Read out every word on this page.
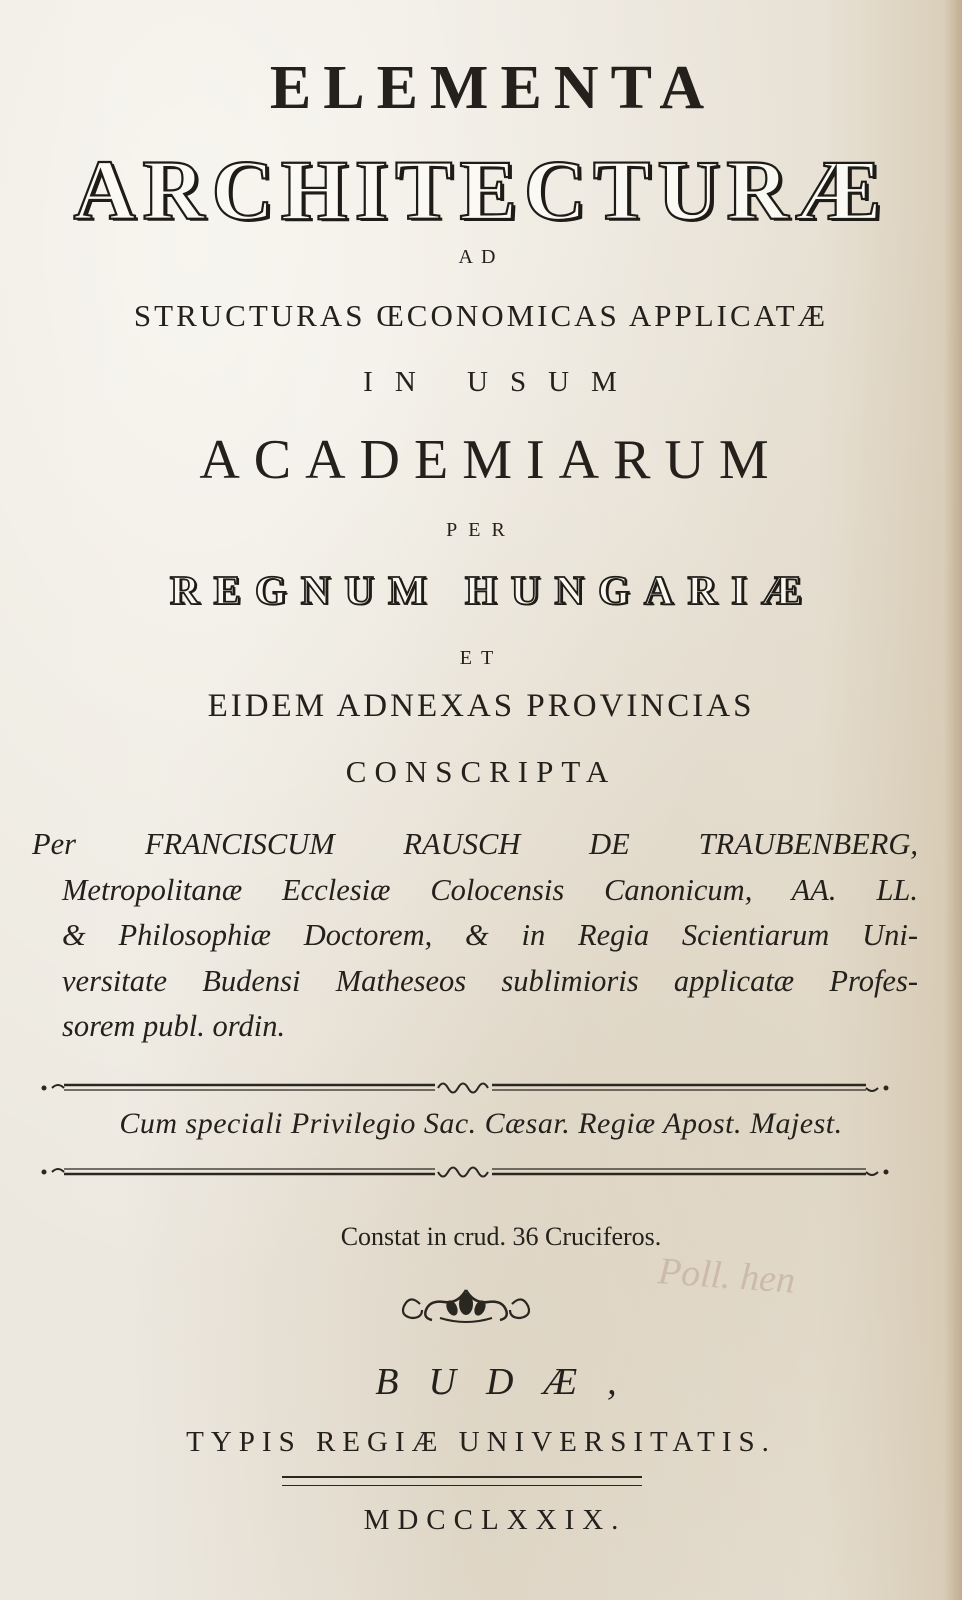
ELEMENTA
ARCHITECTURÆ
AD
STRUCTURAS ŒCONOMICAS APPLICATÆ
IN USUM
ACADEMIARUM
PER
REGNUM HUNGARIÆ
ET
EIDEM ADNEXAS PROVINCIAS
CONSCRIPTA
Per FRANCISCUM RAUSCH DE TRAUBENBERG,
Metropolitanæ Ecclesiæ Colocensis Canonicum, AA. LL.
& Philosophiæ Doctorem, & in Regia Scientiarum Uni-
versitate Budensi Matheseos sublimioris applicatæ Profes-
sorem publ. ordin.
Cum speciali Privilegio Sac. Cæsar. Regiæ Apost. Majest.
Constat in crud. 36 Cruciferos.
Poll. hen
BUDÆ,
TYPIS REGIÆ UNIVERSITATIS.
MDCCLXXIX.
